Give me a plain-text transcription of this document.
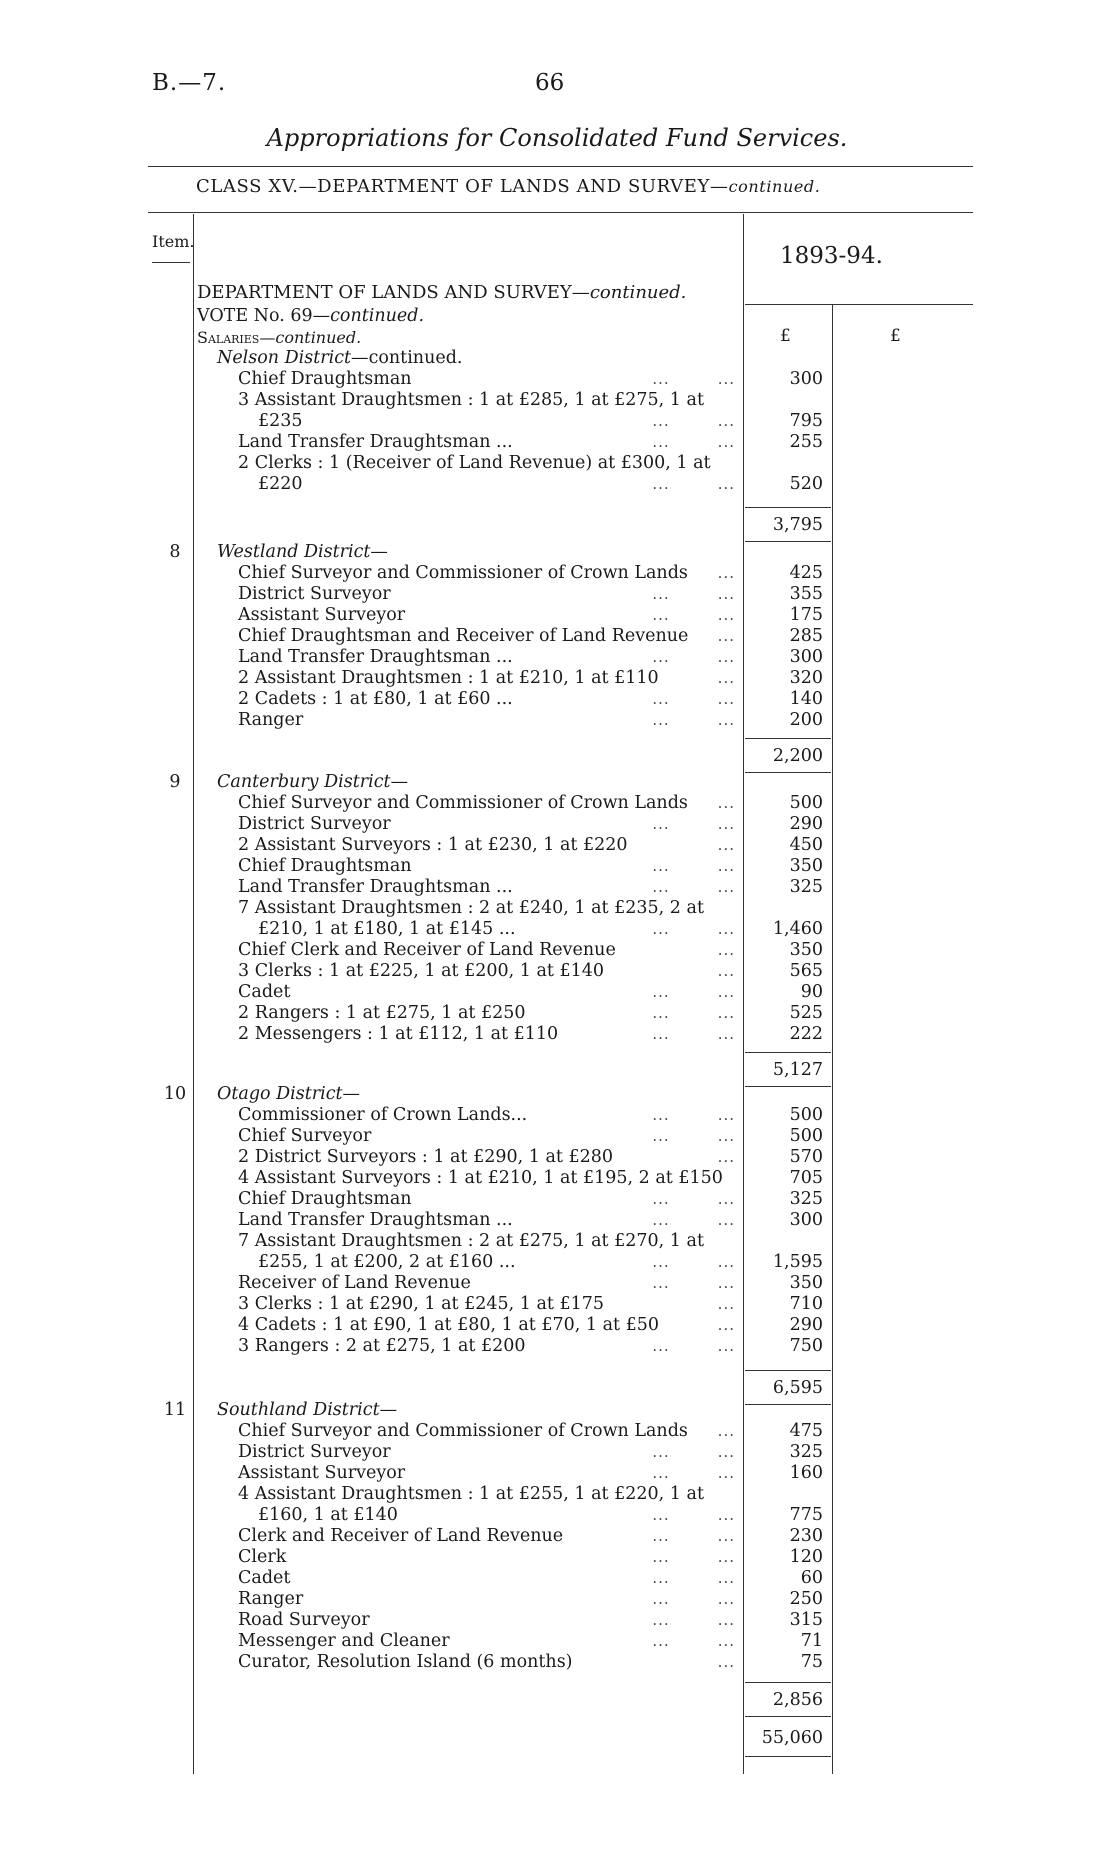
B.—7.	66
Appropriations for Consolidated Fund Services.
CLASS XV.—DEPARTMENT OF LANDS AND SURVEY—continued.
Item.
1893-94.
£	£
DEPARTMENT OF LANDS AND SURVEY—continued.
VOTE No. 69—continued.
Salaries—continued.
Nelson District—continued.
Chief Draughtsman	...   ...	300
3 Assistant Draughtsmen : 1 at £285, 1 at £275, 1 at
£235	...   ...	795
Land Transfer Draughtsman ...	...   ...	255
2 Clerks : 1 (Receiver of Land Revenue) at £300, 1 at
£220	...   ...	520
3,795
8	Westland District—
Chief Surveyor and Commissioner of Crown Lands	...	425
District Surveyor	...   ...	355
Assistant Surveyor	...   ...	175
Chief Draughtsman and Receiver of Land Revenue	...	285
Land Transfer Draughtsman ...	...   ...	300
2 Assistant Draughtsmen : 1 at £210, 1 at £110	...	320
2 Cadets : 1 at £80, 1 at £60 ...	...   ...	140
Ranger	...   ...	200
2,200
9	Canterbury District—
Chief Surveyor and Commissioner of Crown Lands	...	500
District Surveyor	...   ...	290
2 Assistant Surveyors : 1 at £230, 1 at £220	...	450
Chief Draughtsman	...   ...	350
Land Transfer Draughtsman ...	...   ...	325
7 Assistant Draughtsmen : 2 at £240, 1 at £235, 2 at
£210, 1 at £180, 1 at £145 ...	...   ...	1,460
Chief Clerk and Receiver of Land Revenue	...	350
3 Clerks : 1 at £225, 1 at £200, 1 at £140	...	565
Cadet	...   ...	90
2 Rangers : 1 at £275, 1 at £250	...   ...	525
2 Messengers : 1 at £112, 1 at £110	...   ...	222
5,127
10	Otago District—
Commissioner of Crown Lands...	...   ...	500
Chief Surveyor	...   ...	500
2 District Surveyors : 1 at £290, 1 at £280	...	570
4 Assistant Surveyors : 1 at £210, 1 at £195, 2 at £150	705
Chief Draughtsman	...   ...	325
Land Transfer Draughtsman ...	...   ...	300
7 Assistant Draughtsmen : 2 at £275, 1 at £270, 1 at
£255, 1 at £200, 2 at £160 ...	...   ...	1,595
Receiver of Land Revenue	...   ...	350
3 Clerks : 1 at £290, 1 at £245, 1 at £175	...	710
4 Cadets : 1 at £90, 1 at £80, 1 at £70, 1 at £50	...	290
3 Rangers : 2 at £275, 1 at £200	...   ...	750
6,595
11	Southland District—
Chief Surveyor and Commissioner of Crown Lands	...	475
District Surveyor	...   ...	325
Assistant Surveyor	...   ...	160
4 Assistant Draughtsmen : 1 at £255, 1 at £220, 1 at
£160, 1 at £140	...   ...	775
Clerk and Receiver of Land Revenue	...   ...	230
Clerk	...   ...	120
Cadet	...   ...	60
Ranger	...   ...	250
Road Surveyor	...   ...	315
Messenger and Cleaner	...   ...	71
Curator, Resolution Island (6 months)	...	75
2,856
55,060
